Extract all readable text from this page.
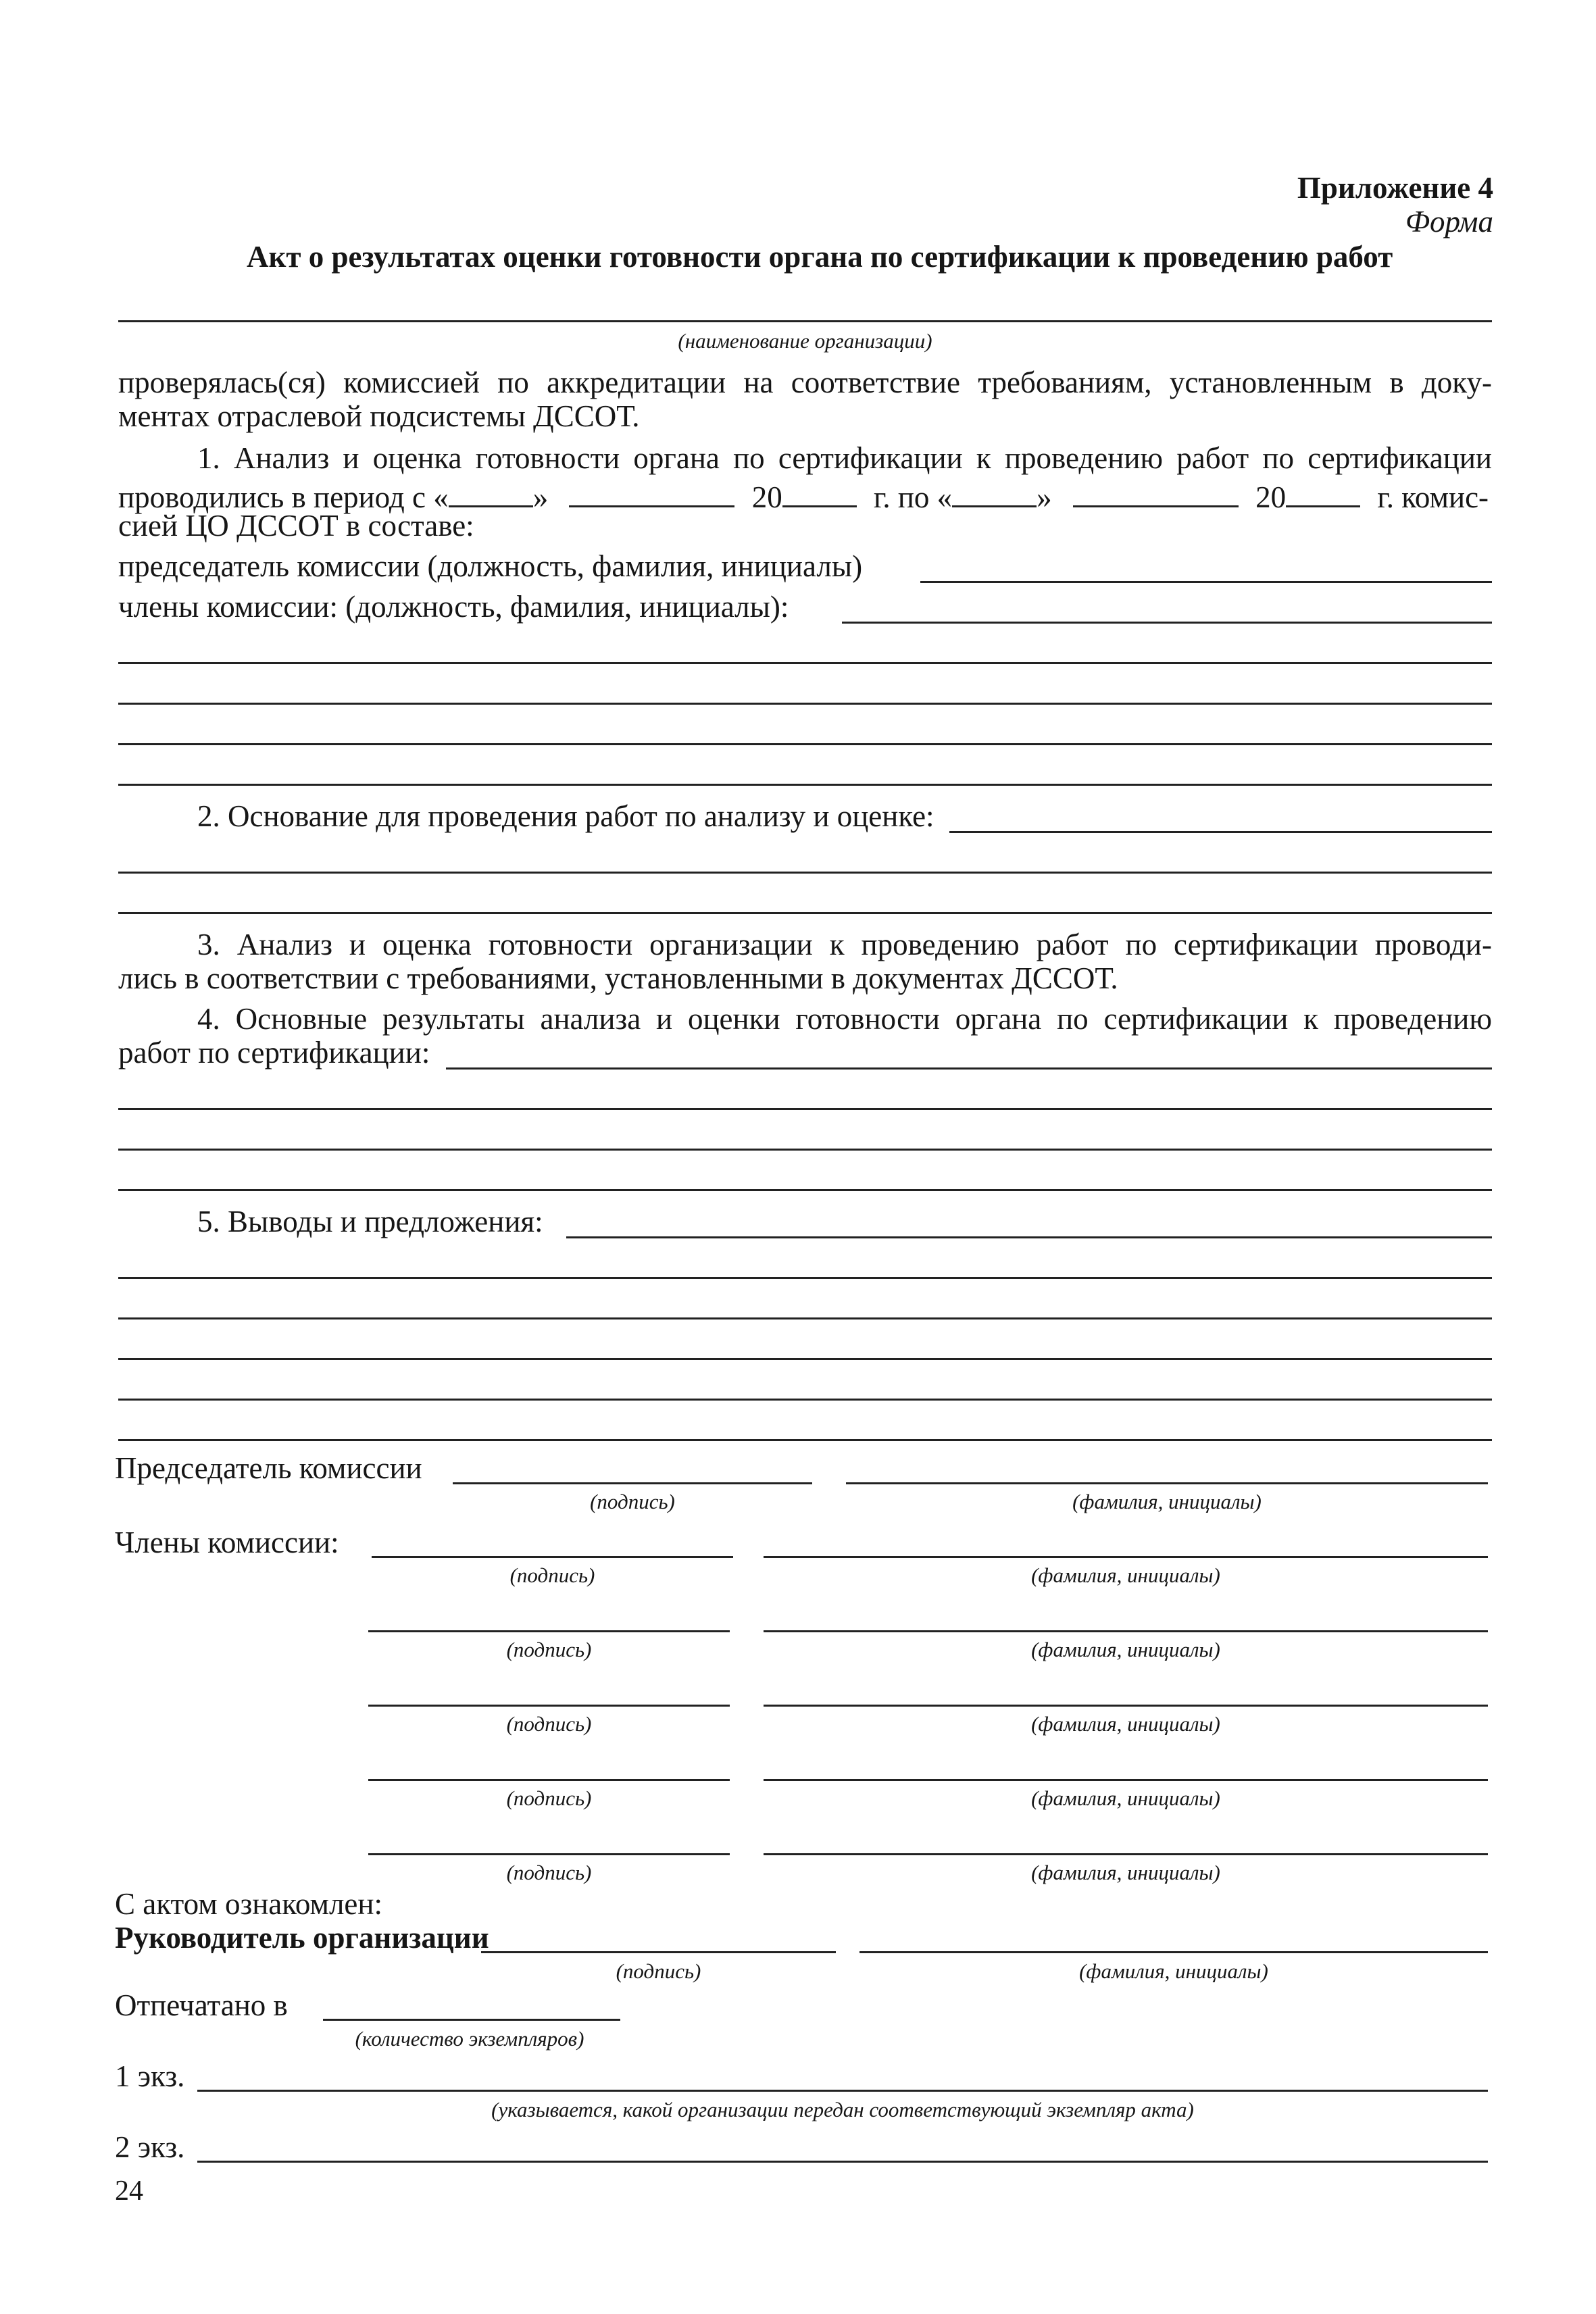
Приложение 4
Форма
Акт о результатах оценки готовности органа по сертификации к проведению работ
(наименование организации)
проверялась(ся) комиссией по аккредитации на соответствие требованиям, установленным в доку-
ментах отраслевой подсистемы ДССОТ.
1. Анализ и оценка готовности органа по сертификации к проведению работ по сертификации
проводились в период с «	»	20	г. по «	»	20	г. комис-
сией ЦО ДССОТ в составе:
председатель комиссии (должность, фамилия, инициалы)
члены комиссии: (должность, фамилия, инициалы):
2. Основание для проведения работ по анализу и оценке:
3. Анализ и оценка готовности организации к проведению работ по сертификации проводи-
лись в соответствии с требованиями, установленными в документах ДССОТ.
4. Основные результаты анализа и оценки готовности органа по сертификации к проведению
работ по сертификации:
5. Выводы и предложения:
Председатель комиссии
(подпись)	(фамилия, инициалы)
Члены комиссии:
(подпись)	(фамилия, инициалы)
(подпись)	(фамилия, инициалы)
(подпись)	(фамилия, инициалы)
(подпись)	(фамилия, инициалы)
(подпись)	(фамилия, инициалы)
С актом ознакомлен:
Руководитель организации
(подпись)	(фамилия, инициалы)
Отпечатано в
(количество экземпляров)
1 экз.
(указывается, какой организации передан соответствующий экземпляр акта)
2 экз.
24
